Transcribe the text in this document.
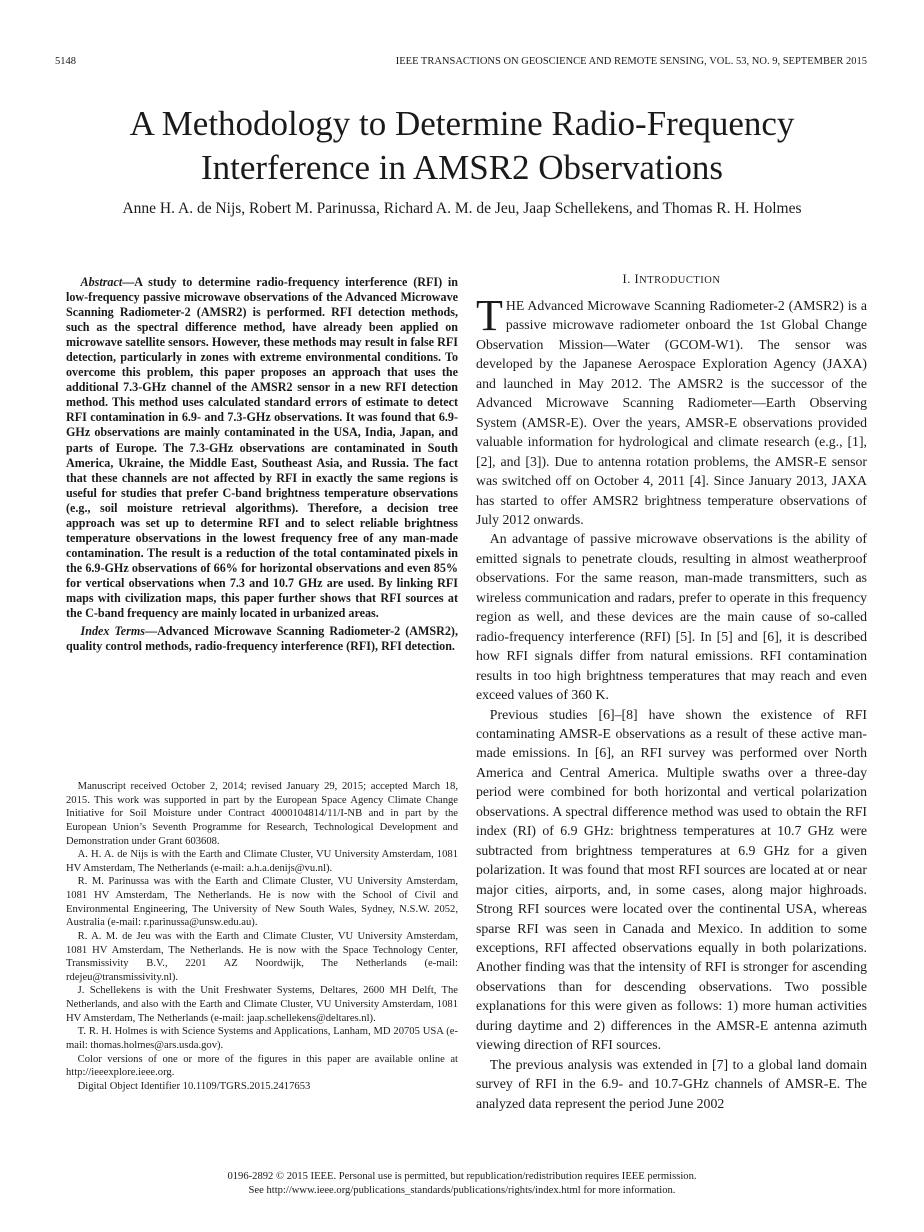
5148	IEEE TRANSACTIONS ON GEOSCIENCE AND REMOTE SENSING, VOL. 53, NO. 9, SEPTEMBER 2015
A Methodology to Determine Radio-Frequency
Interference in AMSR2 Observations
Anne H. A. de Nijs, Robert M. Parinussa, Richard A. M. de Jeu, Jaap Schellekens, and Thomas R. H. Holmes

Abstract—A study to determine radio-frequency interference (RFI) in low-frequency passive microwave observations of the Advanced Microwave Scanning Radiometer-2 (AMSR2) is performed. RFI detection methods, such as the spectral difference method, have already been applied on microwave satellite sensors. However, these methods may result in false RFI detection, particularly in zones with extreme environmental conditions. To overcome this problem, this paper proposes an approach that uses the additional 7.3-GHz channel of the AMSR2 sensor in a new RFI detection method. This method uses calculated standard errors of estimate to detect RFI contamination in 6.9- and 7.3-GHz observations. It was found that 6.9-GHz observations are mainly contaminated in the USA, India, Japan, and parts of Europe. The 7.3-GHz observations are contaminated in South America, Ukraine, the Middle East, Southeast Asia, and Russia. The fact that these channels are not affected by RFI in exactly the same regions is useful for studies that prefer C-band brightness temperature observations (e.g., soil moisture retrieval algorithms). Therefore, a decision tree approach was set up to determine RFI and to select reliable brightness temperature observations in the lowest frequency free of any man-made contamination. The result is a reduction of the total contaminated pixels in the 6.9-GHz observations of 66% for horizontal observations and even 85% for vertical observations when 7.3 and 10.7 GHz are used. By linking RFI maps with civilization maps, this paper further shows that RFI sources at the C-band frequency are mainly located in urbanized areas.

Index Terms—Advanced Microwave Scanning Radiometer-2 (AMSR2), quality control methods, radio-frequency interference (RFI), RFI detection.

Manuscript received October 2, 2014; revised January 29, 2015; accepted March 18, 2015. This work was supported in part by the European Space Agency Climate Change Initiative for Soil Moisture under Contract 4000104814/11/I-NB and in part by the European Union’s Seventh Programme for Research, Technological Development and Demonstration under Grant 603608.

A. H. A. de Nijs is with the Earth and Climate Cluster, VU University Amsterdam, 1081 HV Amsterdam, The Netherlands (e-mail: a.h.a.denijs@vu.nl).

R. M. Parinussa was with the Earth and Climate Cluster, VU University Amsterdam, 1081 HV Amsterdam, The Netherlands. He is now with the School of Civil and Environmental Engineering, The University of New South Wales, Sydney, N.S.W. 2052, Australia (e-mail: r.parinussa@unsw.edu.au).

R. A. M. de Jeu was with the Earth and Climate Cluster, VU University Amsterdam, 1081 HV Amsterdam, The Netherlands. He is now with the Space Technology Center, Transmissivity B.V., 2201 AZ Noordwijk, The Netherlands (e-mail: rdejeu@transmissivity.nl).

J. Schellekens is with the Unit Freshwater Systems, Deltares, 2600 MH Delft, The Netherlands, and also with the Earth and Climate Cluster, VU University Amsterdam, 1081 HV Amsterdam, The Netherlands (e-mail: jaap.schellekens@deltares.nl).

T. R. H. Holmes is with Science Systems and Applications, Lanham, MD 20705 USA (e-mail: thomas.holmes@ars.usda.gov).

Color versions of one or more of the figures in this paper are available online at http://ieeexplore.ieee.org.

Digital Object Identifier 10.1109/TGRS.2015.2417653

I. INTRODUCTION

THE Advanced Microwave Scanning Radiometer-2 (AMSR2) is a passive microwave radiometer onboard the 1st Global Change Observation Mission—Water (GCOM-W1). The sensor was developed by the Japanese Aerospace Exploration Agency (JAXA) and launched in May 2012. The AMSR2 is the successor of the Advanced Microwave Scanning Radiometer—Earth Observing System (AMSR-E). Over the years, AMSR-E observations provided valuable information for hydrological and climate research (e.g., [1], [2], and [3]). Due to antenna rotation problems, the AMSR-E sensor was switched off on October 4, 2011 [4]. Since January 2013, JAXA has started to offer AMSR2 brightness temperature observations of July 2012 onwards.

An advantage of passive microwave observations is the ability of emitted signals to penetrate clouds, resulting in almost weatherproof observations. For the same reason, man-made transmitters, such as wireless communication and radars, prefer to operate in this frequency region as well, and these devices are the main cause of so-called radio-frequency interference (RFI) [5]. In [5] and [6], it is described how RFI signals differ from natural emissions. RFI contamination results in too high brightness temperatures that may reach and even exceed values of 360 K.

Previous studies [6]–[8] have shown the existence of RFI contaminating AMSR-E observations as a result of these active man-made emissions. In [6], an RFI survey was performed over North America and Central America. Multiple swaths over a three-day period were combined for both horizontal and vertical polarization observations. A spectral difference method was used to obtain the RFI index (RI) of 6.9 GHz: brightness temperatures at 10.7 GHz were subtracted from brightness temperatures at 6.9 GHz for a given polarization. It was found that most RFI sources are located at or near major cities, airports, and, in some cases, along major highroads. Strong RFI sources were located over the continental USA, whereas sparse RFI was seen in Canada and Mexico. In addition to some exceptions, RFI affected observations equally in both polarizations. Another finding was that the intensity of RFI is stronger for ascending observations than for descending observations. Two possible explanations for this were given as follows: 1) more human activities during daytime and 2) differences in the AMSR-E antenna azimuth viewing direction of RFI sources.

The previous analysis was extended in [7] to a global land domain survey of RFI in the 6.9- and 10.7-GHz channels of AMSR-E. The analyzed data represent the period June 2002

0196-2892 © 2015 IEEE. Personal use is permitted, but republication/redistribution requires IEEE permission.
See http://www.ieee.org/publications_standards/publications/rights/index.html for more information.
